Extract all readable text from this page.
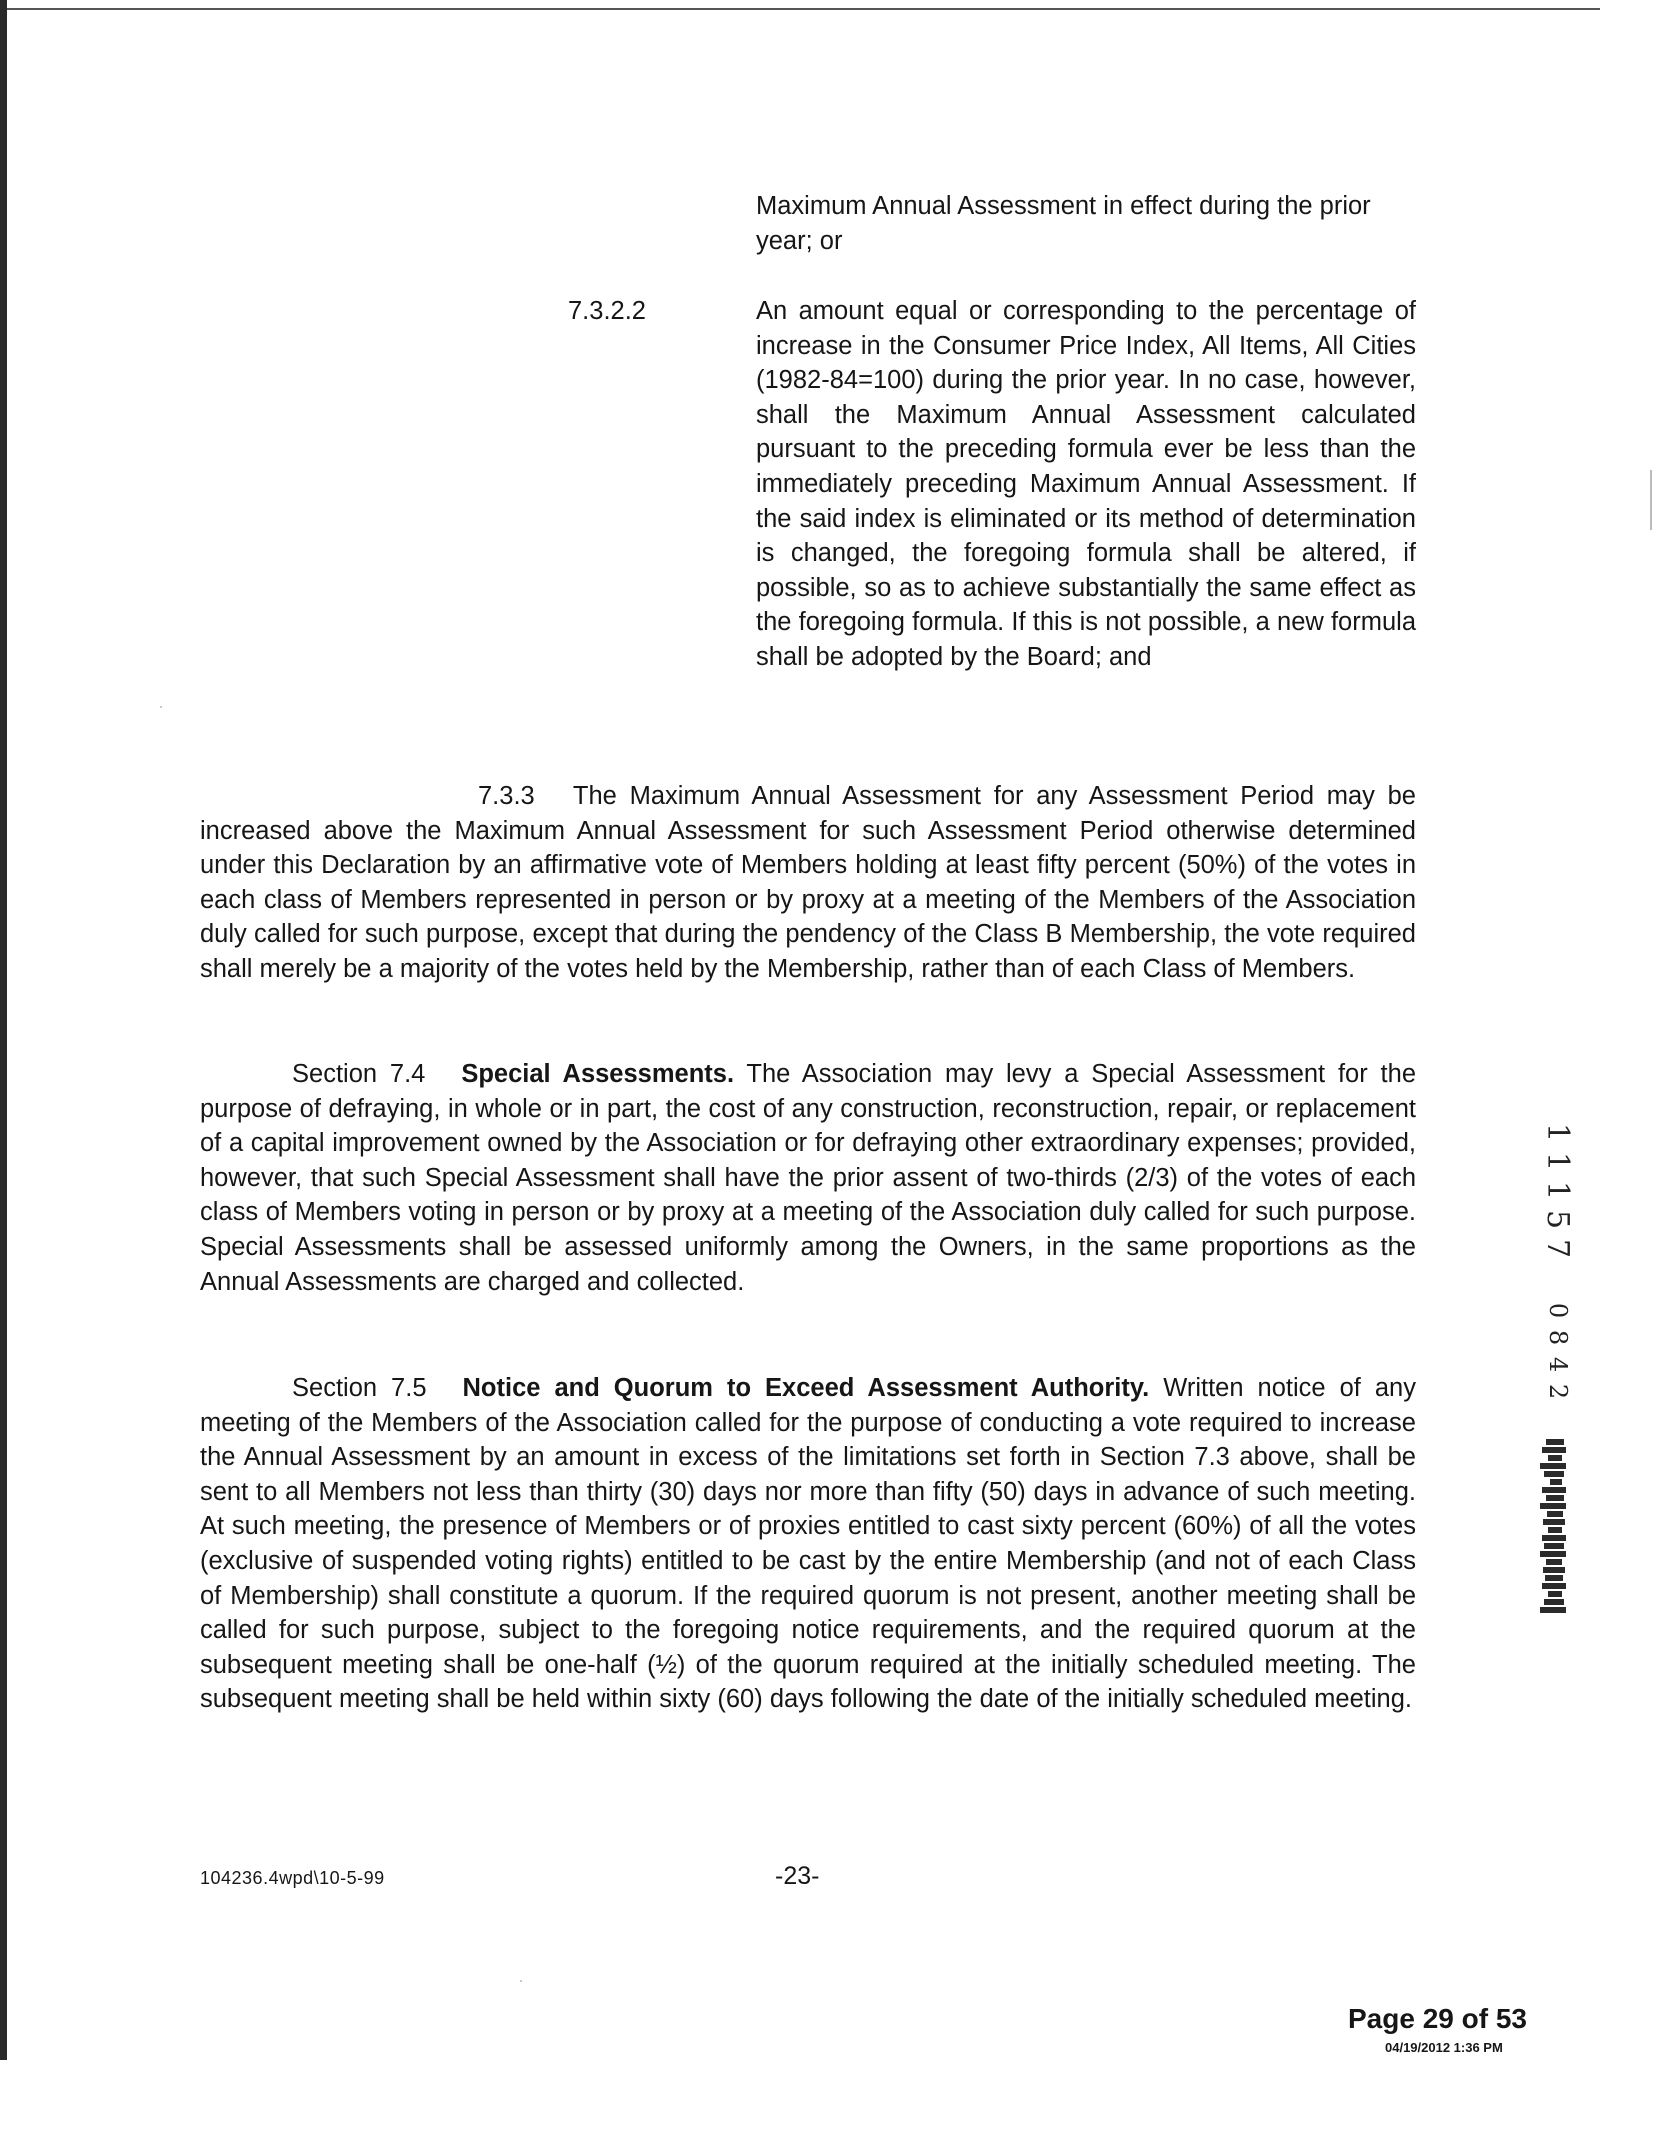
Maximum Annual Assessment in effect during the prior year; or

7.3.2.2	An amount equal or corresponding to the percentage of increase in the Consumer Price Index, All Items, All Cities (1982-84=100) during the prior year. In no case, however, shall the Maximum Annual Assessment calculated pursuant to the preceding formula ever be less than the immediately preceding Maximum Annual Assessment. If the said index is eliminated or its method of determination is changed, the foregoing formula shall be altered, if possible, so as to achieve substantially the same effect as the foregoing formula. If this is not possible, a new formula shall be adopted by the Board; and

7.3.3 The Maximum Annual Assessment for any Assessment Period may be increased above the Maximum Annual Assessment for such Assessment Period otherwise determined under this Declaration by an affirmative vote of Members holding at least fifty percent (50%) of the votes in each class of Members represented in person or by proxy at a meeting of the Members of the Association duly called for such purpose, except that during the pendency of the Class B Membership, the vote required shall merely be a majority of the votes held by the Membership, rather than of each Class of Members.

Section 7.4 Special Assessments. The Association may levy a Special Assessment for the purpose of defraying, in whole or in part, the cost of any construction, reconstruction, repair, or replacement of a capital improvement owned by the Association or for defraying other extraordinary expenses; provided, however, that such Special Assessment shall have the prior assent of two-thirds (2/3) of the votes of each class of Members voting in person or by proxy at a meeting of the Association duly called for such purpose. Special Assessments shall be assessed uniformly among the Owners, in the same proportions as the Annual Assessments are charged and collected.

Section 7.5 Notice and Quorum to Exceed Assessment Authority. Written notice of any meeting of the Members of the Association called for the purpose of conducting a vote required to increase the Annual Assessment by an amount in excess of the limitations set forth in Section 7.3 above, shall be sent to all Members not less than thirty (30) days nor more than fifty (50) days in advance of such meeting. At such meeting, the presence of Members or of proxies entitled to cast sixty percent (60%) of all the votes (exclusive of suspended voting rights) entitled to be cast by the entire Membership (and not of each Class of Membership) shall constitute a quorum. If the required quorum is not present, another meeting shall be called for such purpose, subject to the foregoing notice requirements, and the required quorum at the subsequent meeting shall be one-half (½) of the quorum required at the initially scheduled meeting. The subsequent meeting shall be held within sixty (60) days following the date of the initially scheduled meeting.

104236.4wpd\10-5-99	-23-
1
1
1
5
7
0
8
4
2
Page 29 of 53
04/19/2012 1:36 PM
